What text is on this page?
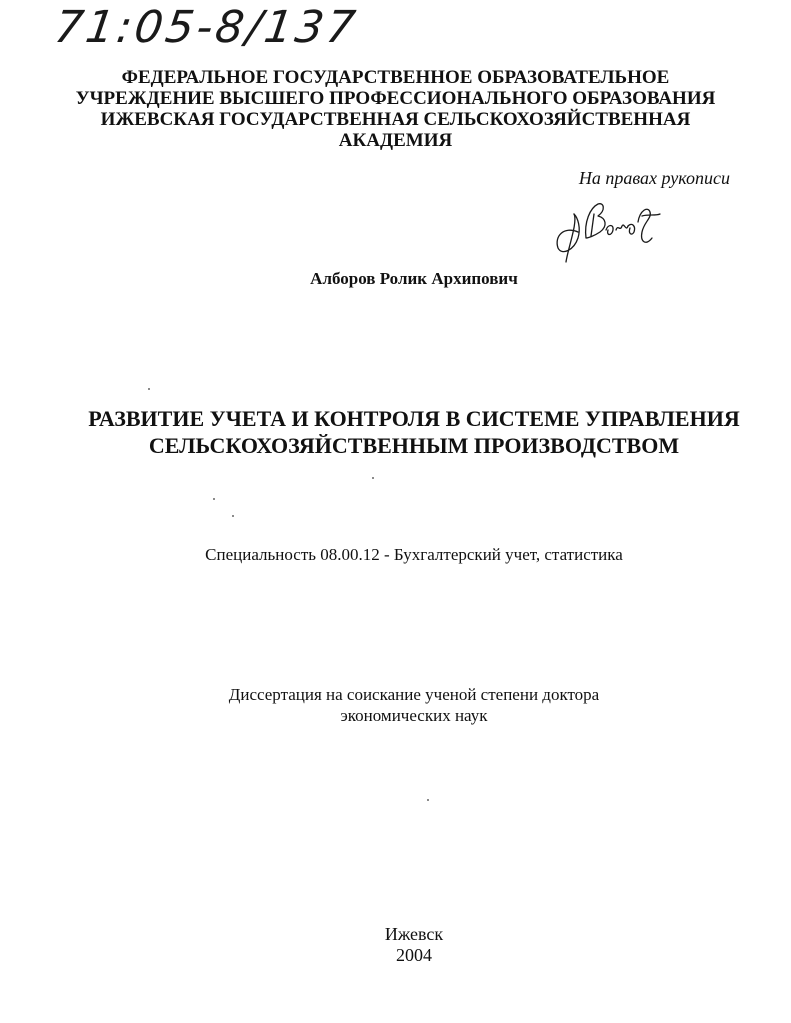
71:05-8/137
ФЕДЕРАЛЬНОЕ ГОСУДАРСТВЕННОЕ ОБРАЗОВАТЕЛЬНОЕ
УЧРЕЖДЕНИЕ ВЫСШЕГО ПРОФЕССИОНАЛЬНОГО ОБРАЗОВАНИЯ
ИЖЕВСКАЯ ГОСУДАРСТВЕННАЯ СЕЛЬСКОХОЗЯЙСТВЕННАЯ
АКАДЕМИЯ
На правах рукописи
Алборов Ролик Архипович
РАЗВИТИЕ УЧЕТА И КОНТРОЛЯ В СИСТЕМЕ УПРАВЛЕНИЯ
СЕЛЬСКОХОЗЯЙСТВЕННЫМ ПРОИЗВОДСТВОМ
Специальность 08.00.12 - Бухгалтерский учет, статистика
Диссертация на соискание ученой степени доктора
экономических наук
Ижевск
2004
